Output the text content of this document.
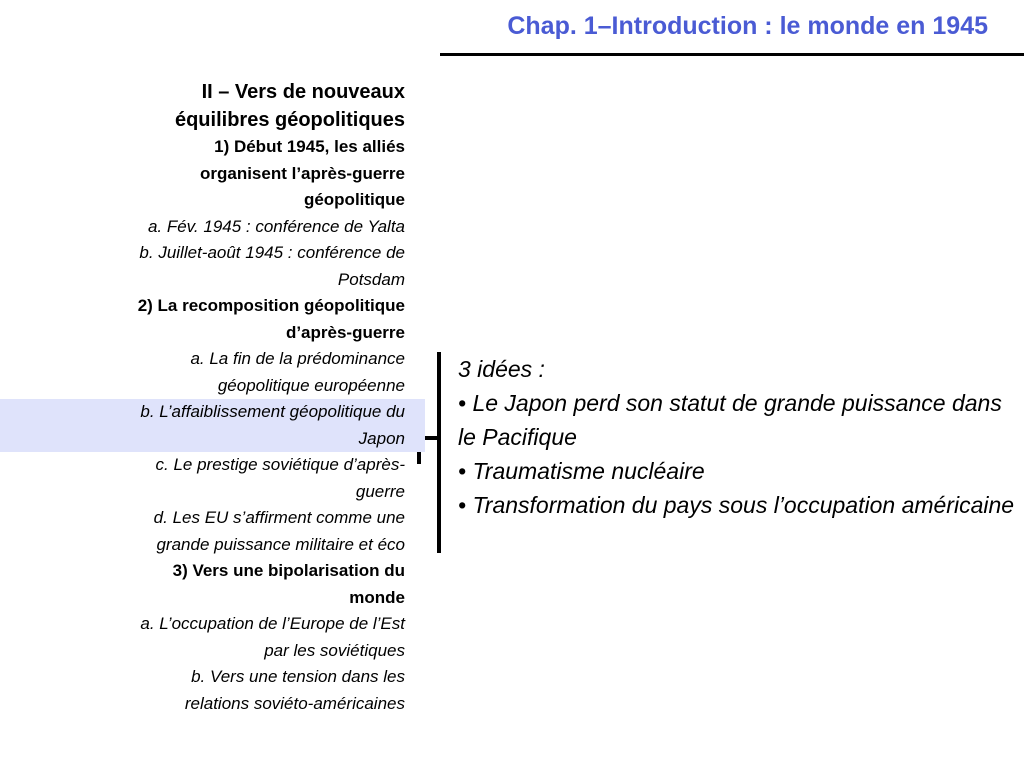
Chap. 1–Introduction : le monde en 1945
II – Vers de nouveaux
équilibres géopolitiques
1) Début 1945, les alliés
organisent l’après-guerre
géopolitique
a. Fév. 1945 : conférence de Yalta
b. Juillet-août 1945 : conférence de
Potsdam
2) La recomposition géopolitique
d’après-guerre
a. La fin de la prédominance
géopolitique européenne
b. L’affaiblissement géopolitique du
Japon
c. Le prestige soviétique d’après-
guerre
d. Les EU s’affirment comme une
grande puissance militaire et éco
3) Vers une bipolarisation du
monde
a. L’occupation de l’Europe de l’Est
par les soviétiques
b. Vers une tension dans les
relations soviéto-américaines
3 idées :
• Le Japon perd son statut de grande puissance dans le Pacifique
• Traumatisme nucléaire
• Transformation du pays sous l’occupation américaine
